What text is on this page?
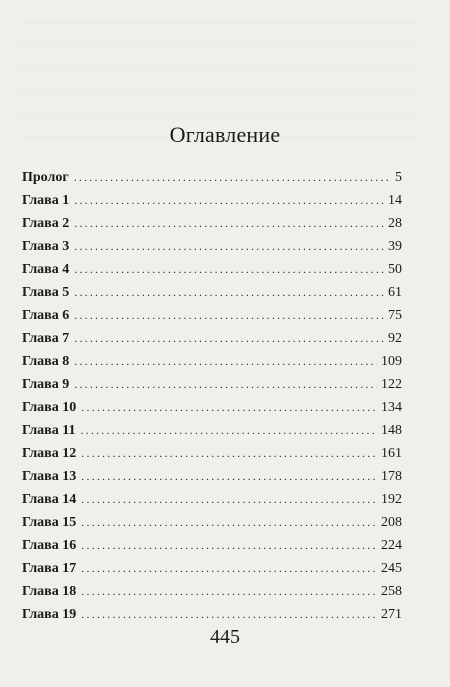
Оглавление
Пролог .....	5
Глава 1 .....	14
Глава 2 .....	28
Глава 3 .....	39
Глава 4 .....	50
Глава 5 .....	61
Глава 6 .....	75
Глава 7 .....	92
Глава 8 .....	109
Глава 9 .....	122
Глава 10 .....	134
Глава 11 .....	148
Глава 12 .....	161
Глава 13 .....	178
Глава 14 .....	192
Глава 15 .....	208
Глава 16 .....	224
Глава 17 .....	245
Глава 18 .....	258
Глава 19 .....	271
445
